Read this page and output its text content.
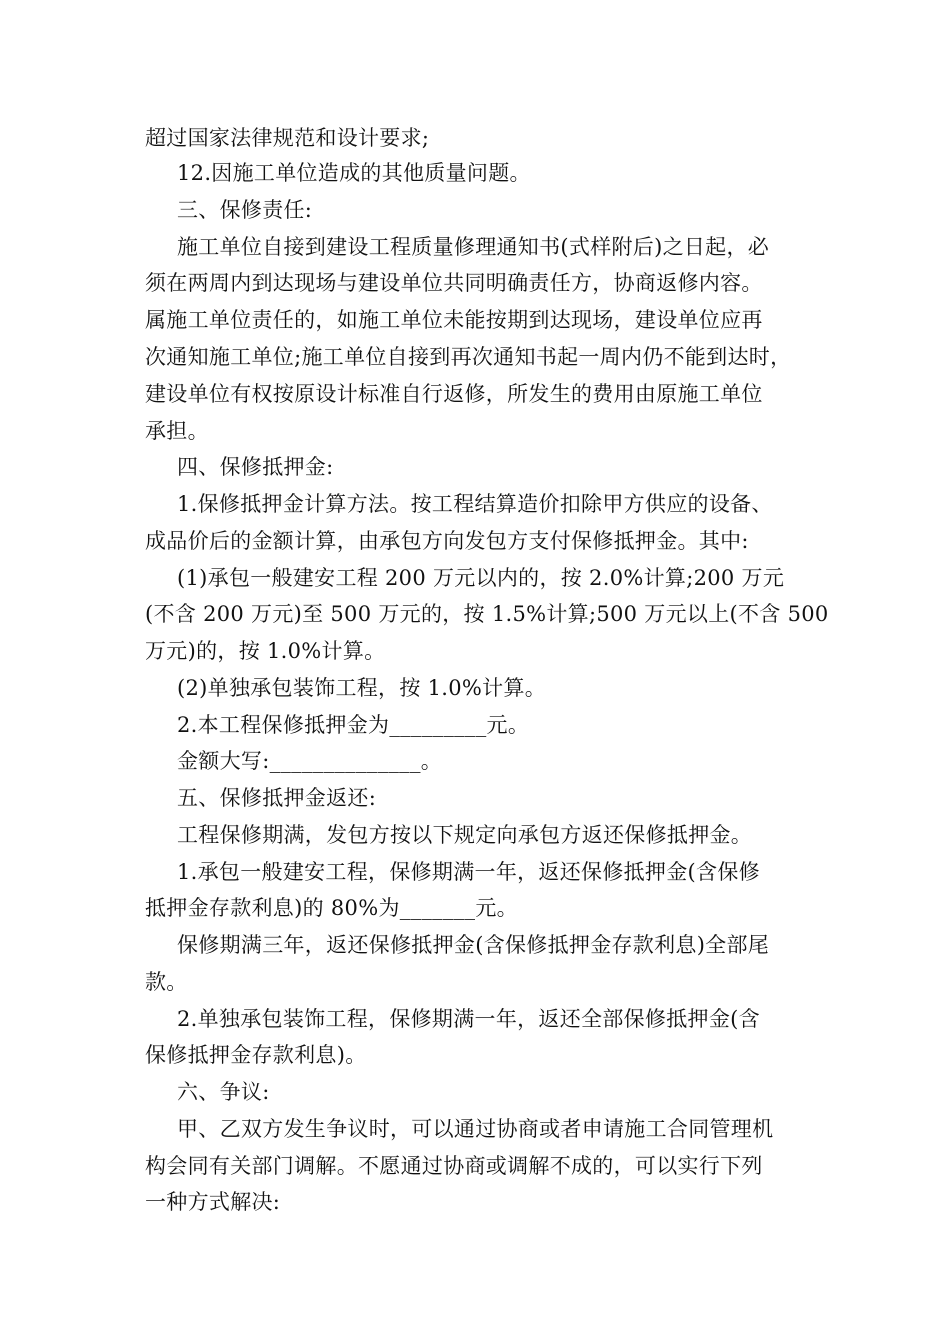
超过国家法律规范和设计要求;
12.因施工单位造成的其他质量问题。
三、保修责任:
施工单位自接到建设工程质量修理通知书(式样附后)之日起，必
须在两周内到达现场与建设单位共同明确责任方，协商返修内容。
属施工单位责任的，如施工单位未能按期到达现场，建设单位应再
次通知施工单位;施工单位自接到再次通知书起一周内仍不能到达时，
建设单位有权按原设计标准自行返修，所发生的费用由原施工单位
承担。
四、保修抵押金:
1.保修抵押金计算方法。按工程结算造价扣除甲方供应的设备、
成品价后的金额计算，由承包方向发包方支付保修抵押金。其中:
(1)承包一般建安工程 200 万元以内的，按 2.0%计算;200 万元
(不含 200 万元)至 500 万元的，按 1.5%计算;500 万元以上(不含 500
万元)的，按 1.0%计算。
(2)单独承包装饰工程，按 1.0%计算。
2.本工程保修抵押金为_________元。
金额大写:______________。
五、保修抵押金返还:
工程保修期满，发包方按以下规定向承包方返还保修抵押金。
1.承包一般建安工程，保修期满一年，返还保修抵押金(含保修
抵押金存款利息)的 80%为_______元。
保修期满三年，返还保修抵押金(含保修抵押金存款利息)全部尾
款。
2.单独承包装饰工程，保修期满一年，返还全部保修抵押金(含
保修抵押金存款利息)。
六、争议:
甲、乙双方发生争议时，可以通过协商或者申请施工合同管理机
构会同有关部门调解。不愿通过协商或调解不成的，可以实行下列
一种方式解决:
